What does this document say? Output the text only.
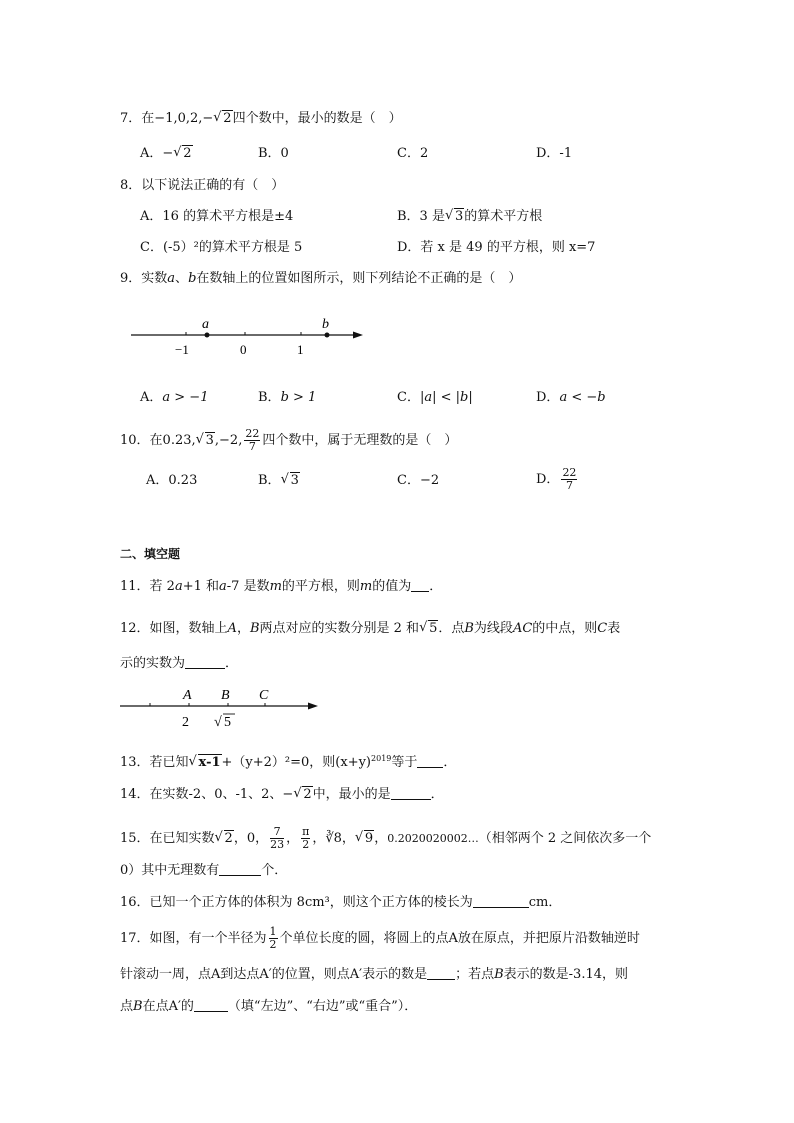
7．在−1,0,2,− √ 2四个数中，最小的数是（　）
A．− √ 2	B．0	C．2	D．-1
8．以下说法正确的有（　）
A．16 的算术平方根是±4	B．3 是 √ 3的算术平方根
C．(-5）²的算术平方根是 5	D．若 x 是 49 的平方根，则 x=7
9．实数a、b在数轴上的位置如图所示，则下列结论不正确的是（　）
a	b
−1	0	1
A．a > −1	B．b > 1	C．|a| < |b|	D．a < −b
10．在0.23, √ 3,−2, $\frac{22}{7}$ 四个数中，属于无理数的是（　）
A．0.23	B． √ 3	C．−2	D． $\frac{22}{7}$
二、填空题
11．若 2a+1 和a-7 是数m的平方根，则m的值为 ．
12．如图，数轴上A，B两点对应的实数分别是 2 和 √ 5．点B为线段AC的中点，则C表
示的实数为	．
A B C
2 √ 5
13．若已知 √ x-1+（y+2）²=0，则$(x+y)^{2019}$等于 ．
14．在实数-2、0、-1、2、− √ 2中，最小的是	．
15．在已知实数 √ 2，0， $\frac{7}{23}$ ， $\frac{\pi}{2}$ ，∛8， √ 9，0.2020020002…（相邻两个 2 之间依次多一个
0）其中无理数有	个．
16．已知一个正方体的体积为 8cm³，则这个正方体的棱长为	cm．
17．如图，有一个半径为 $\frac{1}{2}$ 个单位长度的圆，将圆上的点A放在原点，并把原片沿数轴逆时
针滚动一周，点A到达点A′的位置，则点A′表示的数是 ；若点B表示的数是-3.14，则
点B在点A′的	（填“左边”、“右边”或“重合”）．
